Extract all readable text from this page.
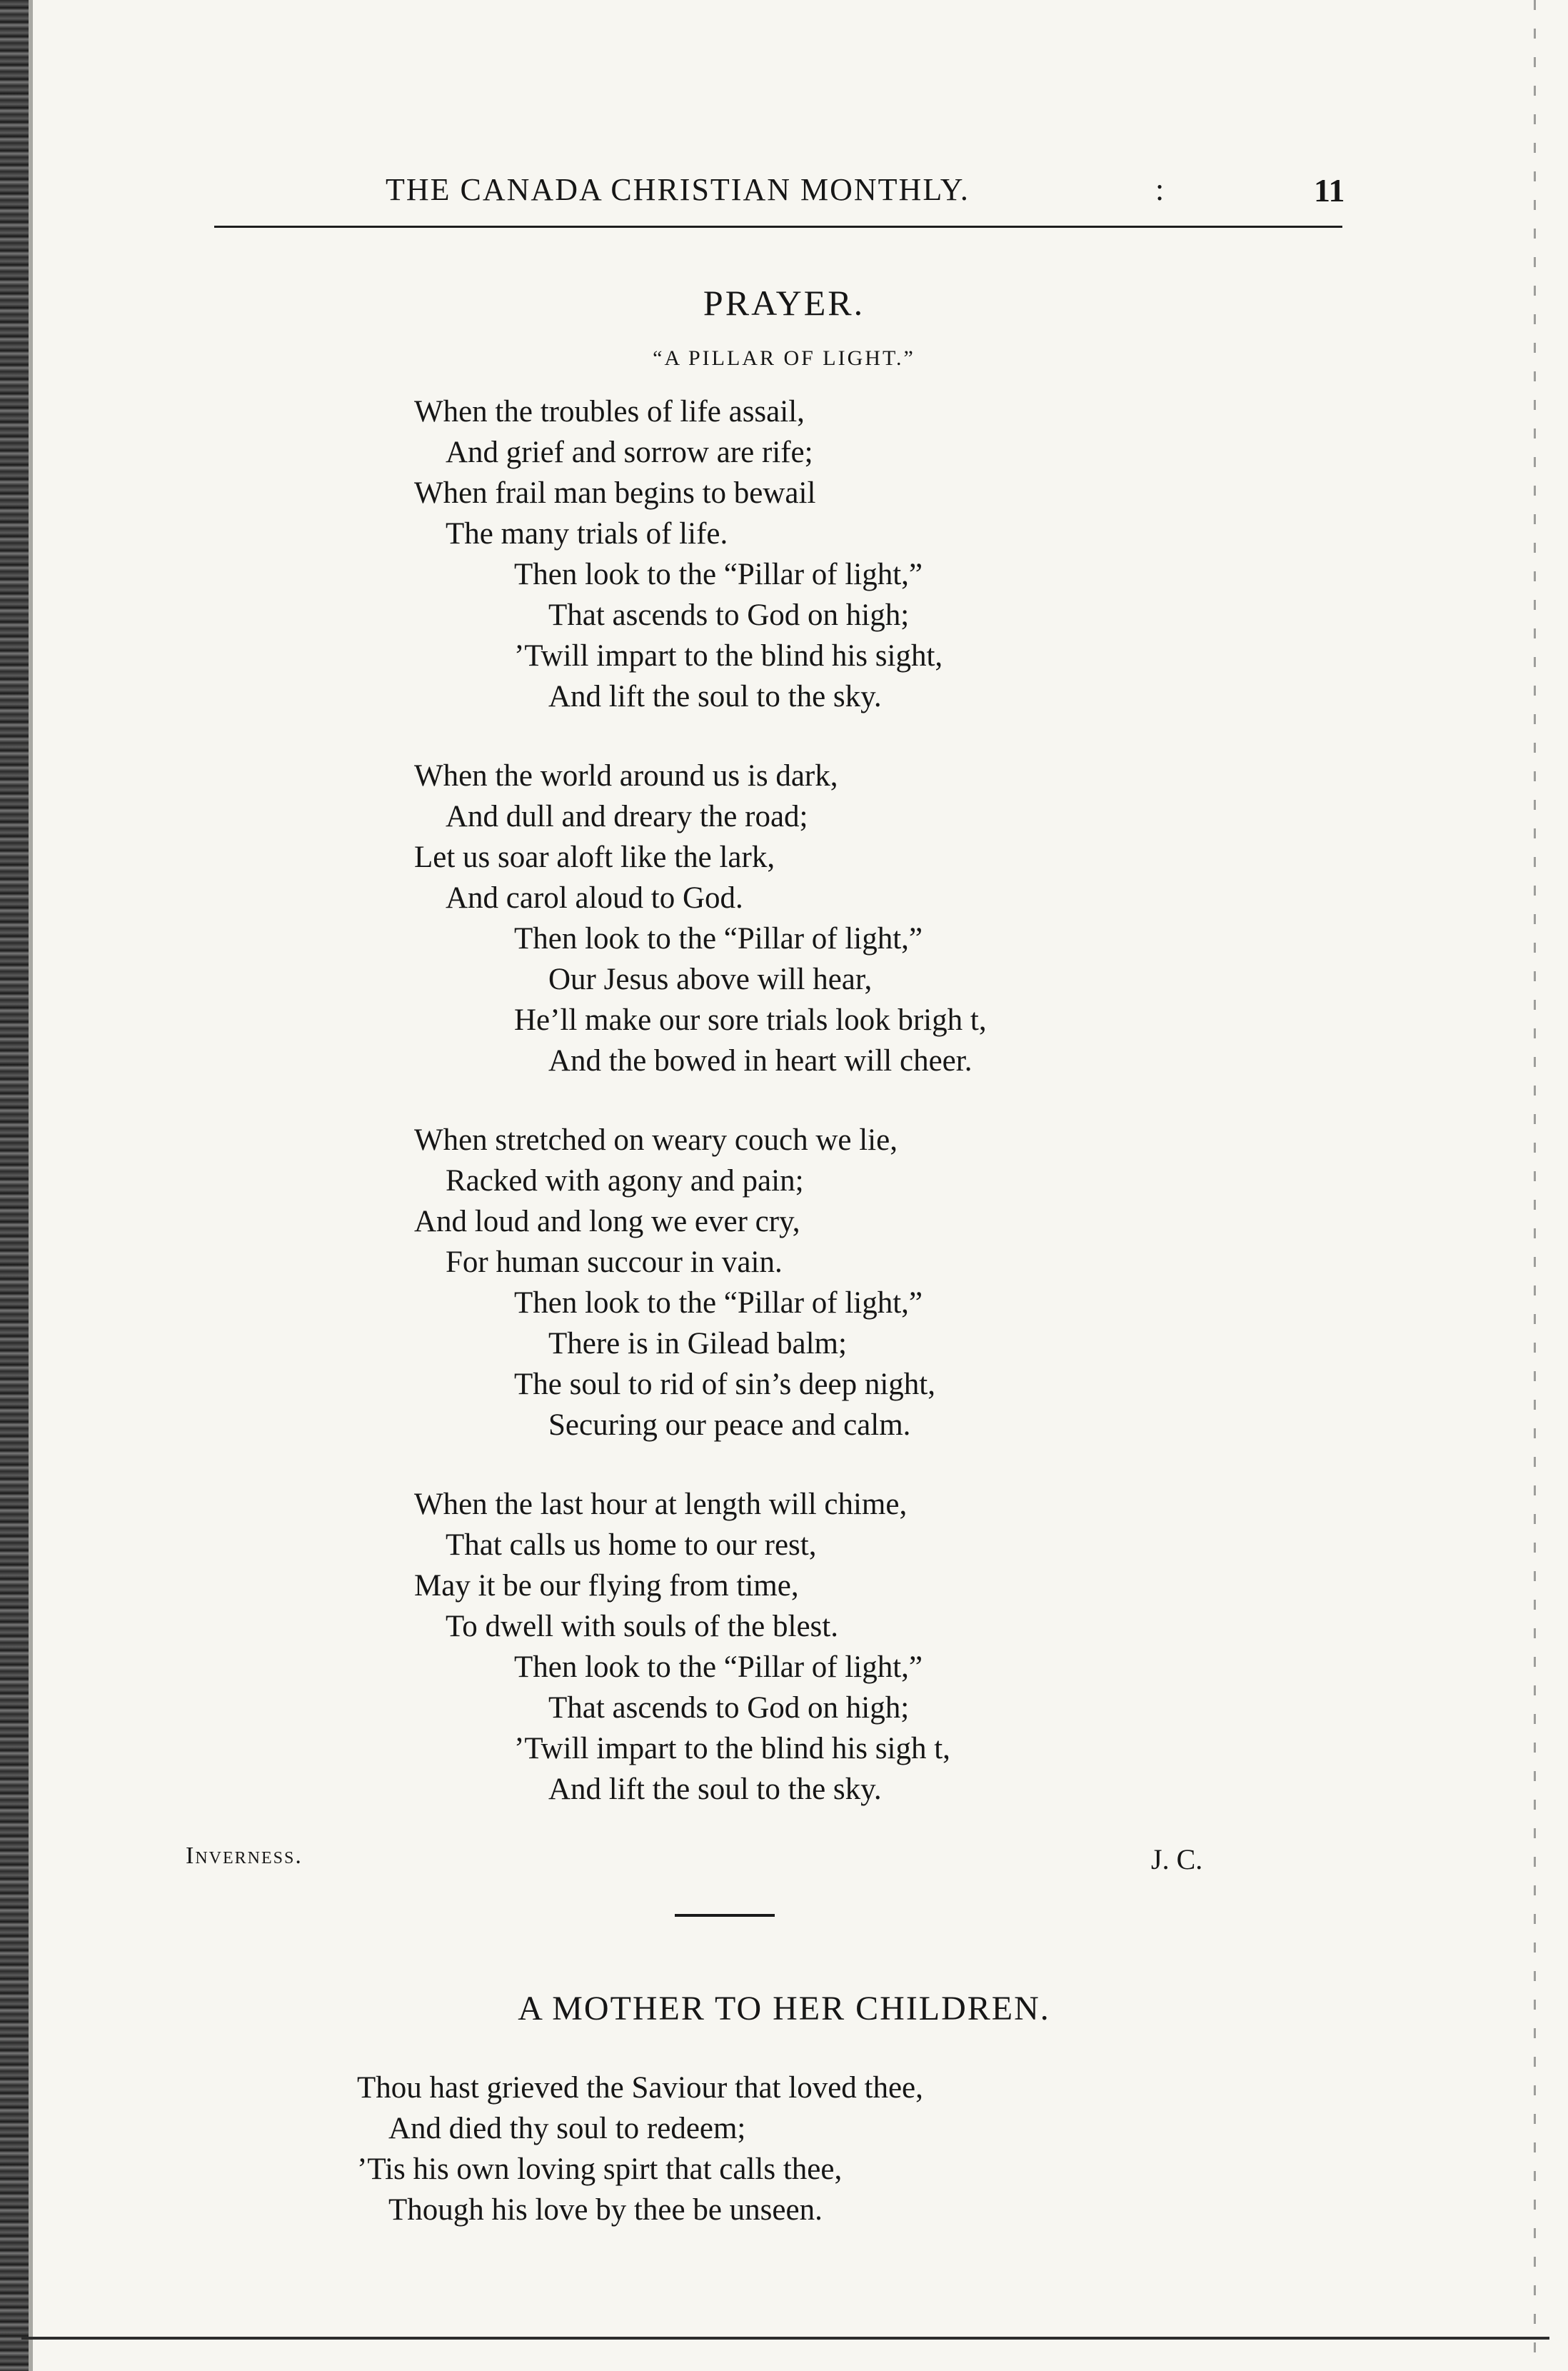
THE CANADA CHRISTIAN MONTHLY.	:	11
PRAYER.
“A PILLAR OF LIGHT.”
When the troubles of life assail,
And grief and sorrow are rife;
When frail man begins to bewail
The many trials of life.
Then look to the “Pillar of light,”
That ascends to God on high;
’Twill impart to the blind his sight,
And lift the soul to the sky.
When the world around us is dark,
And dull and dreary the road;
Let us soar aloft like the lark,
And carol aloud to God.
Then look to the “Pillar of light,”
Our Jesus above will hear,
He’ll make our sore trials look brigh t,
And the bowed in heart will cheer.
When stretched on weary couch we lie,
Racked with agony and pain;
And loud and long we ever cry,
For human succour in vain.
Then look to the “Pillar of light,”
There is in Gilead balm;
The soul to rid of sin’s deep night,
Securing our peace and calm.
When the last hour at length will chime,
That calls us home to our rest,
May it be our flying from time,
To dwell with souls of the blest.
Then look to the “Pillar of light,”
That ascends to God on high;
’Twill impart to the blind his sigh t,
And lift the soul to the sky.
Inverness.	J. C.
A MOTHER TO HER CHILDREN.
Thou hast grieved the Saviour that loved thee,
And died thy soul to redeem;
’Tis his own loving spirt that calls thee,
Though his love by thee be unseen.
